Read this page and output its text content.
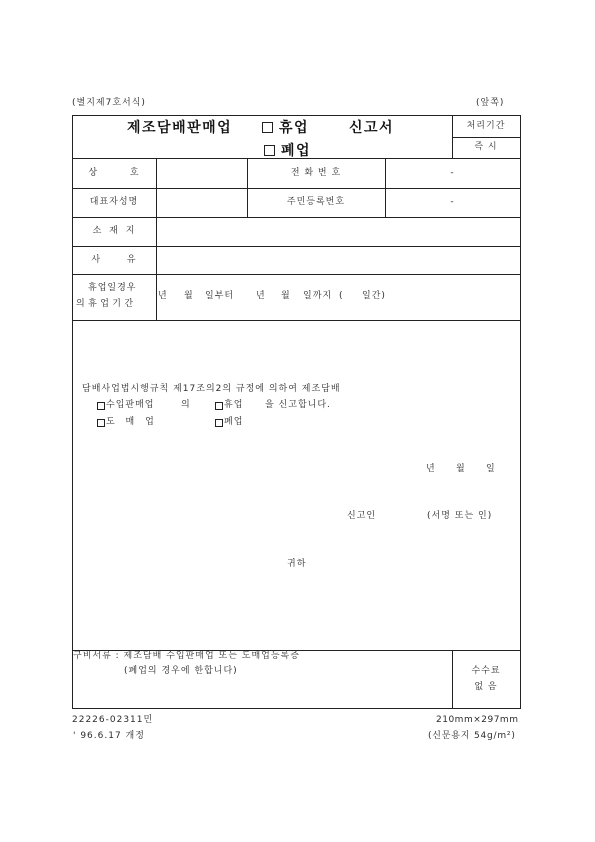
(별지제7호서식)	(앞쪽)
제조담배판매업	휴업	신고서
폐업
처리기간
즉 시
상 호	전 화 번 호	-
대표자성명	주민등록번호	-
소 재 지
사 유
휴업일경우
의휴업기간
년 월 일부터 년 월 일까지 ( 일간)
담배사업법시행규칙 제17조의2의 규정에 의하여 제조담배
수입판매업	의	휴업 을 신고합니다.
도 매 업	폐업
년 월 일
신고인	(서명 또는 인)
귀하
구비서류 : 제조담배 수입판매업 또는 도매업등록증
(폐업의 경우에 한합니다)	수수료
없 음
22226-02311민	210mm×297mm
' 96.6.17 개정	(신문용지 54g/m²)
